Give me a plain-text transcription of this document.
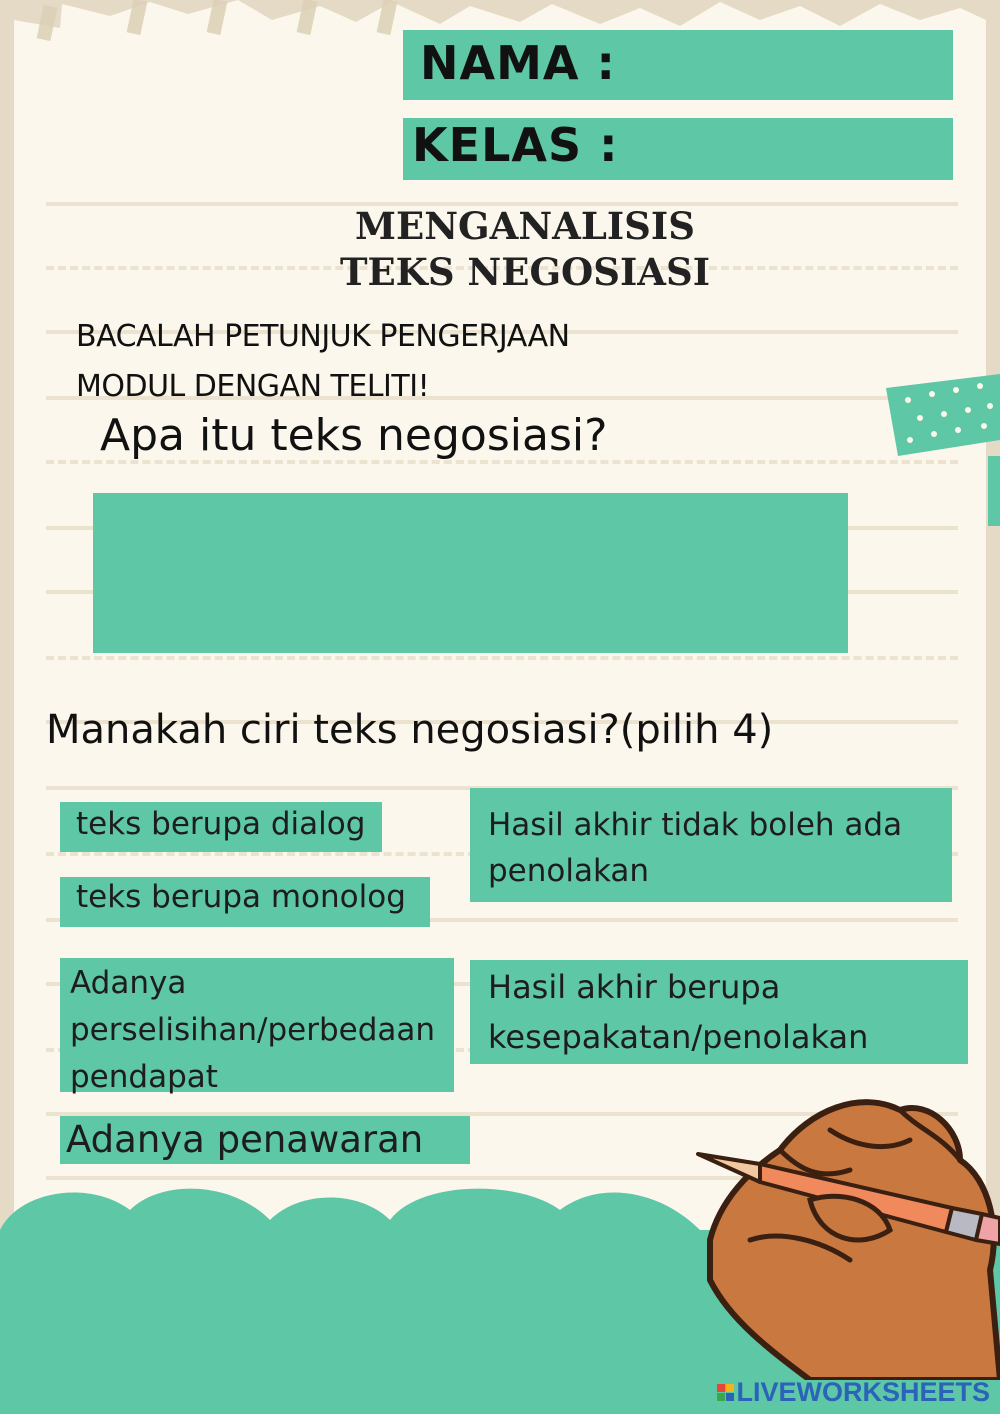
NAMA :
KELAS :
MENGANALISIS
TEKS NEGOSIASI
BACALAH PETUNJUK PENGERJAAN
MODUL DENGAN TELITI!
Apa itu teks negosiasi?
Manakah ciri teks negosiasi?(pilih 4)
teks berupa dialog
teks berupa monolog
Adanya
perselisihan/perbedaan
pendapat
Adanya penawaran
Hasil akhir tidak boleh ada
penolakan
Hasil akhir berupa
kesepakatan/penolakan
LIVEWORKSHEETS
